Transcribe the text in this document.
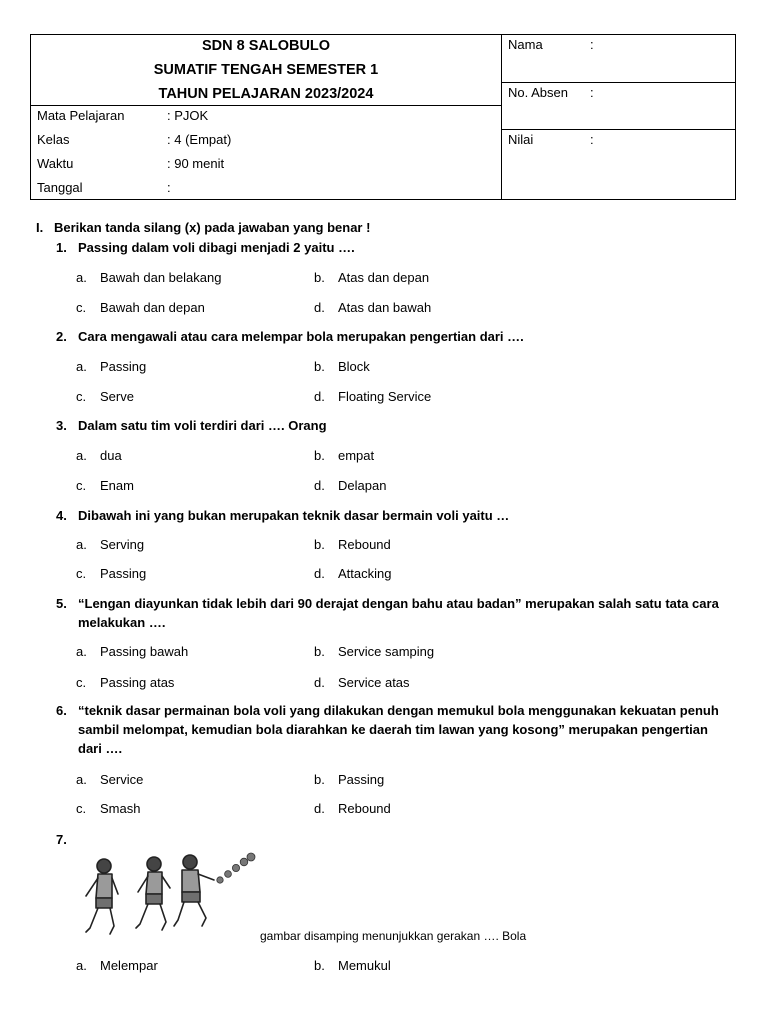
SDN 8 SALOBULO
SUMATIF TENGAH SEMESTER 1
TAHUN PELAJARAN 2023/2024
Mata Pelajaran	: PJOK
Kelas	: 4 (Empat)
Waktu	: 90 menit
Tanggal	:
Nama	:
No. Absen :
Nilai	:
I. Berikan tanda silang (x) pada jawaban yang benar !
1. Passing dalam voli dibagi menjadi 2 yaitu ….
a. Bawah dan belakang	b. Atas dan depan
c. Bawah dan depan	d. Atas dan bawah
2. Cara mengawali atau cara melempar bola merupakan pengertian dari ….
a. Passing	b. Block
c. Serve	d. Floating Service
3. Dalam satu tim voli terdiri dari …. Orang
a. dua	b. empat
c. Enam	d. Delapan
4. Dibawah ini yang bukan merupakan teknik dasar bermain voli yaitu …
a. Serving	b. Rebound
c. Passing	d. Attacking
5. “Lengan diayunkan tidak lebih dari 90 derajat dengan bahu atau badan” merupakan salah satu tata cara melakukan ….
a. Passing bawah	b. Service samping
c. Passing atas	d. Service atas
6. “teknik dasar permainan bola voli yang dilakukan dengan memukul bola menggunakan kekuatan penuh sambil melompat, kemudian bola diarahkan ke daerah tim lawan yang kosong” merupakan pengertian dari ….
a. Service	b. Passing
c. Smash	d. Rebound
7.
gambar disamping menunjukkan gerakan …. Bola
a. Melempar	b. Memukul
